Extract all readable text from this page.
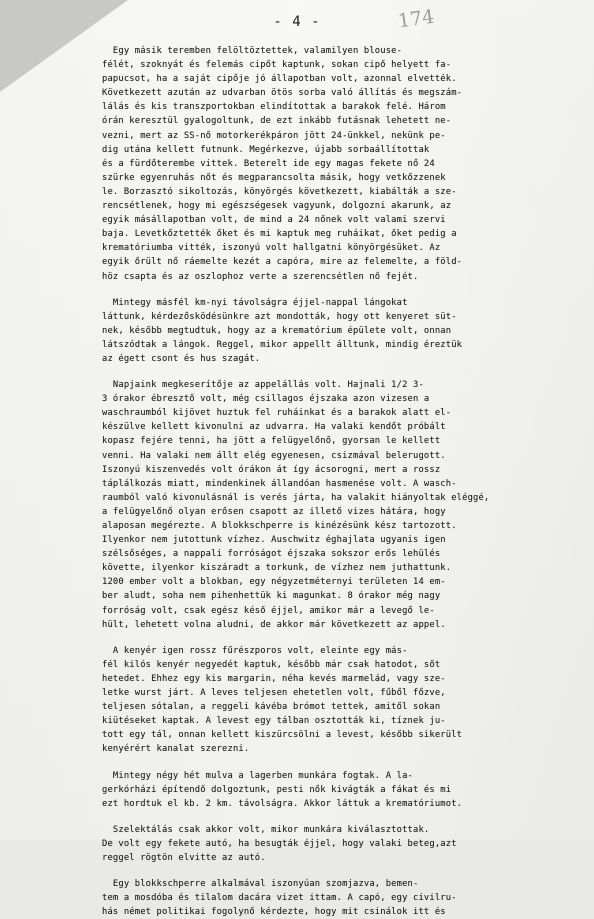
- 4 -	174
Egy másik teremben felöltöztettek, valamilyen blouse-
félét, szoknyát és felemás cipőt kaptunk, sokan cipő helyett fa-
papucsot, ha a saját cipője jó állapotban volt, azonnal elvették.
Következett azután az udvarban ötös sorba való állítás és megszám-
lálás és kis transzportokban elindítottak a barakok felé. Három
órán keresztül gyalogoltunk, de ezt inkább futásnak lehetett ne-
vezni, mert az SS-nő motorkerékpáron jött 24-ünkkel, nekünk pe-
dig utána kellett futnunk. Megérkezve, újabb sorbaállítottak
és a fürdőterembe vittek. Beterelt ide egy magas fekete nő 24
szürke egyenruhás nőt és megparancsolta másik, hogy vetkőzzenek
le. Borzasztó sikoltozás, könyörgés következett, kiabálták a sze-
rencsétlenek, hogy mi egészségesek vagyunk, dolgozni akarunk, az
egyik másállapotban volt, de mind a 24 nőnek volt valami szervi
baja. Levetkőztették őket és mi kaptuk meg ruháikat, őket pedig a
krematóriumba vitték, iszonyú volt hallgatni könyörgésüket. Az
egyik őrült nő ráemelte kezét a capóra, mire az felemelte, a föld-
höz csapta és az oszlophoz verte a szerencsétlen nő fejét.
Mintegy másfél km-nyi távolságra éjjel-nappal lángokat
láttunk, kérdezősködésünkre azt mondották, hogy ott kenyeret süt-
nek, később megtudtuk, hogy az a krematórium épülete volt, onnan
látszódtak a lángok. Reggel, mikor appellt álltunk, mindig éreztük
az égett csont és hus szagát.
Napjaink megkeserítője az appelállás volt. Hajnali 1/2 3-
3 órakor ébresztő volt, még csillagos éjszaka azon vizesen a
waschraumból kijövet huztuk fel ruháinkat és a barakok alatt el-
készülve kellett kivonulni az udvarra. Ha valaki kendőt próbált
kopasz fejére tenni, ha jött a felügyelőnő, gyorsan le kellett
venni. Ha valaki nem állt elég egyenesen, csizmával belerugott.
Iszonyú kiszenvedés volt órákon át így ácsorogni, mert a rossz
táplálkozás miatt, mindenkinek állandóan hasmenése volt. A wasch-
raumból való kivonulásnál is verés járta, ha valakit hiányoltak eléggé,
a felügyelőnő olyan erősen csapott az illető vizes hátára, hogy
alaposan megérezte. A blokkschperre is kinézésünk kész tartozott.
Ilyenkor nem jutottunk vízhez. Auschwitz éghajlata ugyanis igen
szélsőséges, a nappali forróságot éjszaka sokszor erős lehülés
követte, ilyenkor kiszáradt a torkunk, de vízhez nem juthattunk.
1200 ember volt a blokban, egy négyzetméternyi területen 14 em-
ber aludt, soha nem pihenhettük ki magunkat. 8 órakor még nagy
forróság volt, csak egész késő éjjel, amikor már a levegő le-
hült, lehetett volna aludni, de akkor már következett az appel.
A kenyér igen rossz fűrészporos volt, eleinte egy más-
fél kilós kenyér negyedét kaptuk, később már csak hatodot, sőt
hetedet. Ehhez egy kis margarin, néha kevés marmelád, vagy sze-
letke wurst járt. A leves teljesen ehetetlen volt, fűből főzve,
teljesen sótalan, a reggeli kávéba brómot tettek, amitől sokan
kiütéseket kaptak. A levest egy tálban osztották ki, tíznek ju-
tott egy tál, onnan kellett kiszürcsölni a levest, később sikerült
kenyérért kanalat szerezni.
Mintegy négy hét mulva a lagerben munkára fogtak. A la-
gerkórházi építendő dolgoztunk, pesti nők kivágták a fákat és mi
ezt hordtuk el kb. 2 km. távolságra. Akkor láttuk a krematóriumot.
Szelektálás csak akkor volt, mikor munkára kiválasztottak.
De volt egy fekete autó, ha besugták éjjel, hogy valaki beteg,azt
reggel rögtön elvitte az autó.
Egy blokkschperre alkalmával iszonyúan szomjazva, bemen-
tem a mosdóba és tilalom dacára vizet ittam. A capó, egy civilru-
hás német politikai fogolynő kérdezte, hogy mit csinálok itt és
